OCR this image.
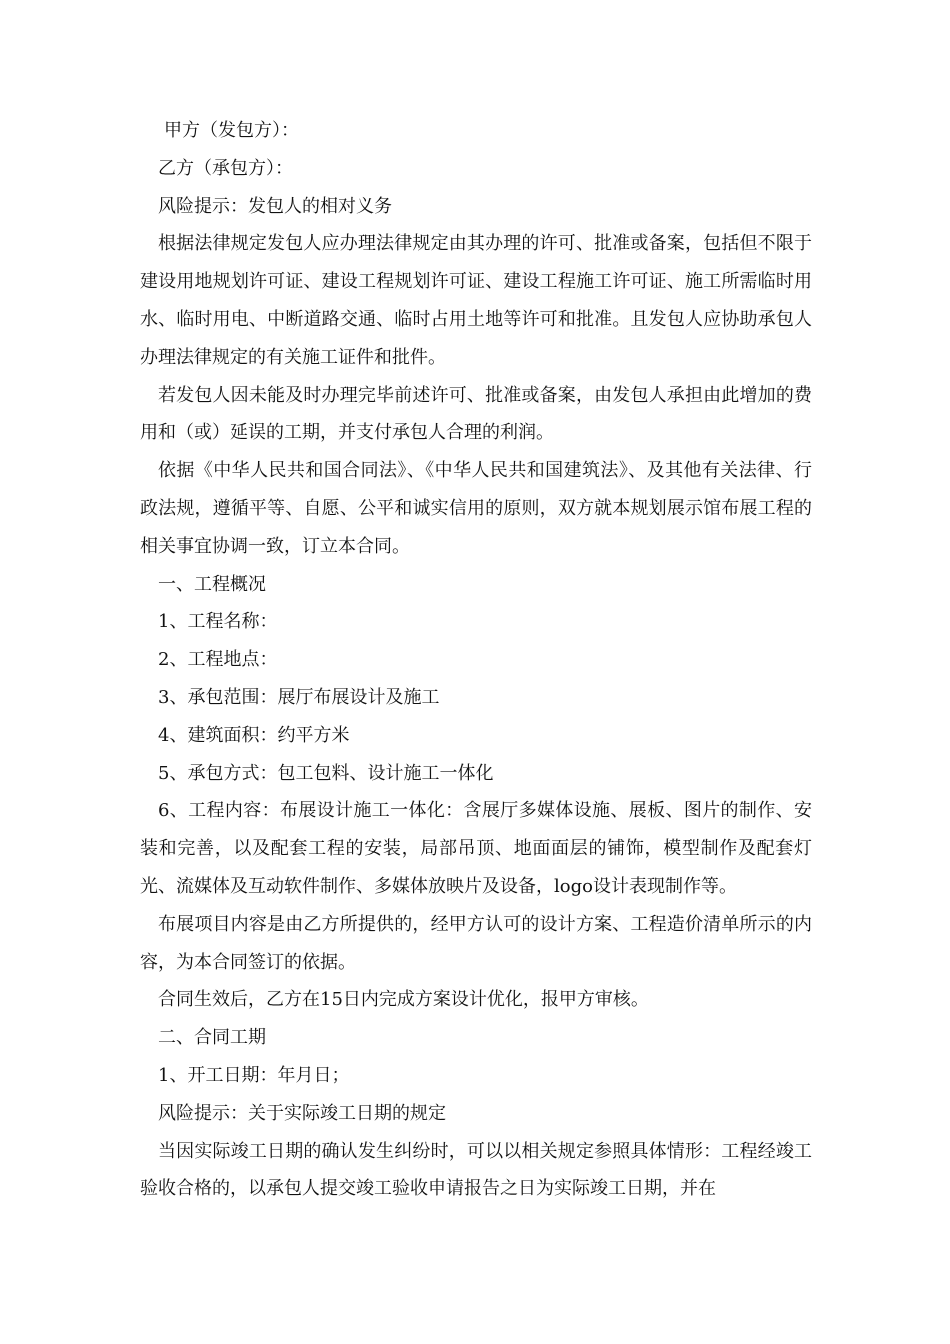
甲方（发包方）：

乙方（承包方）：

风险提示：发包人的相对义务

根据法律规定发包人应办理法律规定由其办理的许可、批准或备案，包括但不限于建设用地规划许可证、建设工程规划许可证、建设工程施工许可证、施工所需临时用水、临时用电、中断道路交通、临时占用土地等许可和批准。且发包人应协助承包人办理法律规定的有关施工证件和批件。

若发包人因未能及时办理完毕前述许可、批准或备案，由发包人承担由此增加的费用和（或）延误的工期，并支付承包人合理的利润。

依据《中华人民共和国合同法》、《中华人民共和国建筑法》、及其他有关法律、行政法规，遵循平等、自愿、公平和诚实信用的原则，双方就本规划展示馆布展工程的相关事宜协调一致，订立本合同。

一、工程概况

1、工程名称：

2、工程地点：

3、承包范围：展厅布展设计及施工

4、建筑面积：约平方米

5、承包方式：包工包料、设计施工一体化

6、工程内容：布展设计施工一体化：含展厅多媒体设施、展板、图片的制作、安装和完善，以及配套工程的安装，局部吊顶、地面面层的铺饰，模型制作及配套灯光、流媒体及互动软件制作、多媒体放映片及设备，logo设计表现制作等。

布展项目内容是由乙方所提供的，经甲方认可的设计方案、工程造价清单所示的内容，为本合同签订的依据。

合同生效后，乙方在15日内完成方案设计优化，报甲方审核。

二、合同工期

1、开工日期：年月日；

风险提示：关于实际竣工日期的规定

当因实际竣工日期的确认发生纠纷时，可以以相关规定参照具体情形：工程经竣工验收合格的，以承包人提交竣工验收申请报告之日为实际竣工日期，并在
